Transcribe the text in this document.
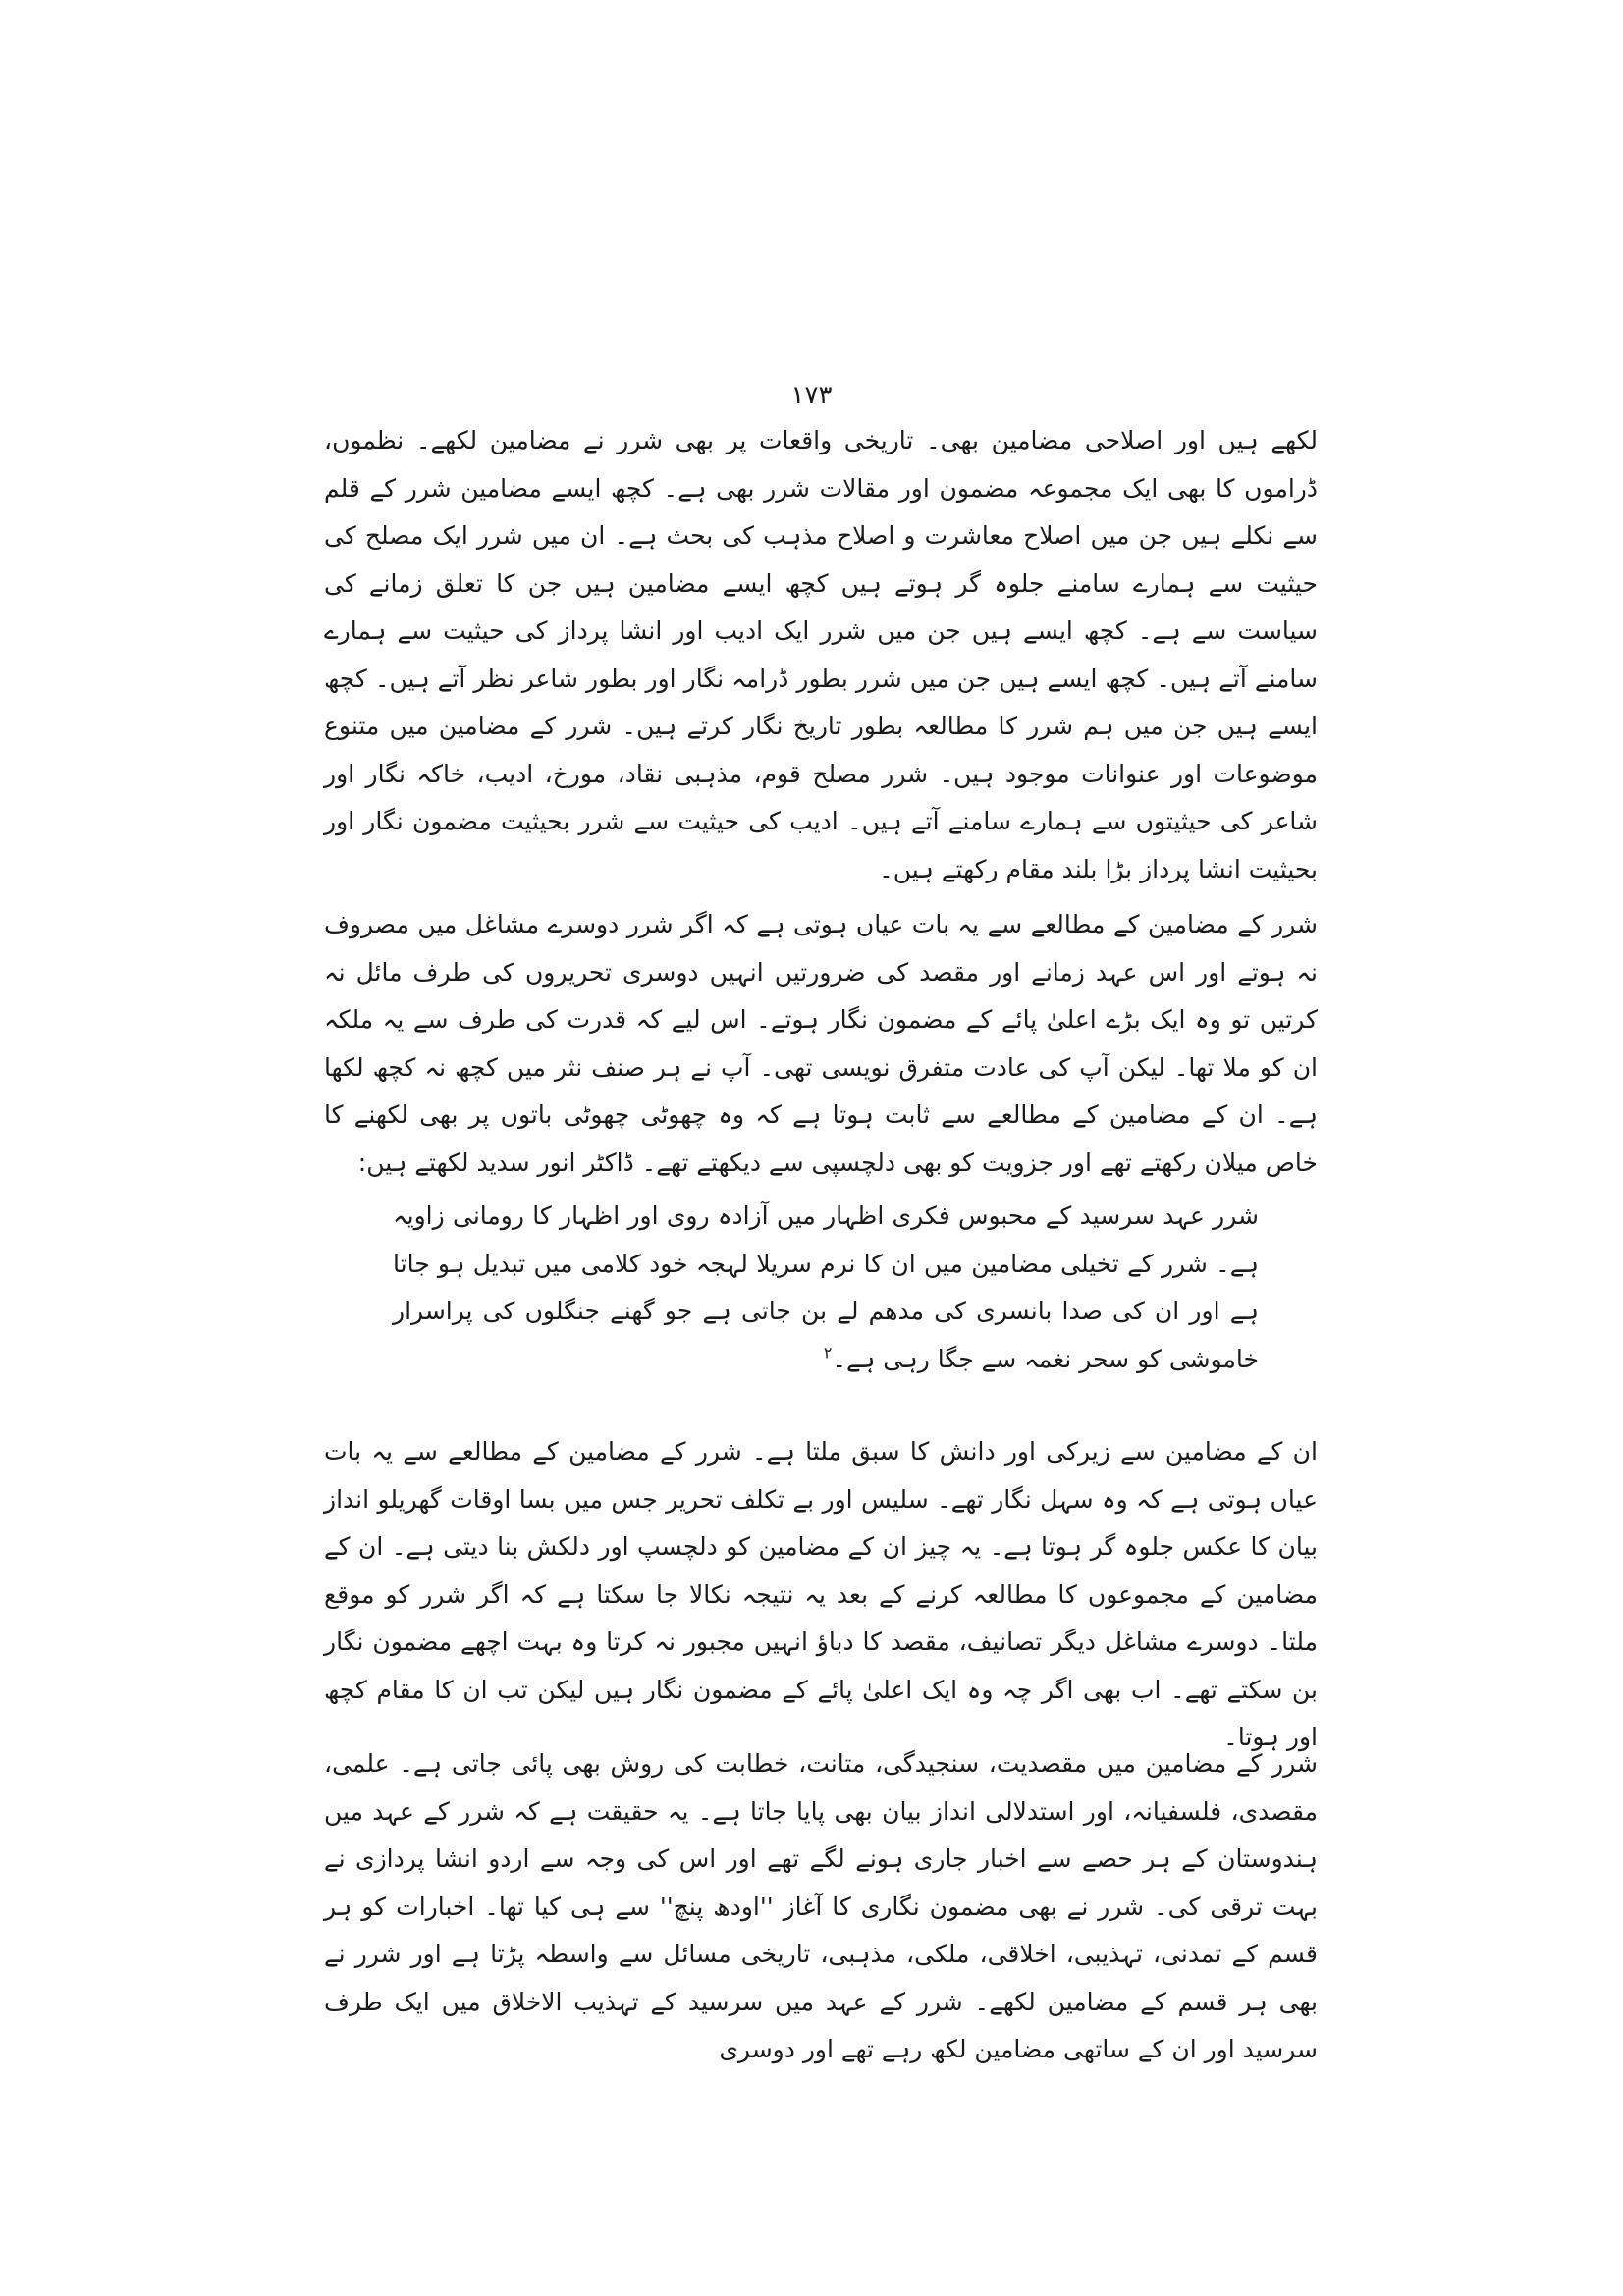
۱۷۳

لکھے ہیں اور اصلاحی مضامین بھی۔ تاریخی واقعات پر بھی شرر نے مضامین لکھے۔ نظموں، ڈراموں کا بھی ایک مجموعہ مضمون اور مقالات شرر بھی ہے۔ کچھ ایسے مضامین شرر کے قلم سے نکلے ہیں جن میں اصلاح معاشرت و اصلاح مذہب کی بحث ہے۔ ان میں شرر ایک مصلح کی حیثیت سے ہمارے سامنے جلوہ گر ہوتے ہیں کچھ ایسے مضامین ہیں جن کا تعلق زمانے کی سیاست سے ہے۔ کچھ ایسے ہیں جن میں شرر ایک ادیب اور انشا پرداز کی حیثیت سے ہمارے سامنے آتے ہیں۔ کچھ ایسے ہیں جن میں شرر بطور ڈرامہ نگار اور بطور شاعر نظر آتے ہیں۔ کچھ ایسے ہیں جن میں ہم شرر کا مطالعہ بطور تاریخ نگار کرتے ہیں۔ شرر کے مضامین میں متنوع موضوعات اور عنوانات موجود ہیں۔ شرر مصلح قوم، مذہبی نقاد، مورخ، ادیب، خاکہ نگار اور شاعر کی حیثیتوں سے ہمارے سامنے آتے ہیں۔ ادیب کی حیثیت سے شرر بحیثیت مضمون نگار اور بحیثیت انشا پرداز بڑا بلند مقام رکھتے ہیں۔

شرر کے مضامین کے مطالعے سے یہ بات عیاں ہوتی ہے کہ اگر شرر دوسرے مشاغل میں مصروف نہ ہوتے اور اس عہد زمانے اور مقصد کی ضرورتیں انہیں دوسری تحریروں کی طرف مائل نہ کرتیں تو وہ ایک بڑے اعلیٰ پائے کے مضمون نگار ہوتے۔ اس لیے کہ قدرت کی طرف سے یہ ملکہ ان کو ملا تھا۔ لیکن آپ کی عادت متفرق نویسی تھی۔ آپ نے ہر صنف نثر میں کچھ نہ کچھ لکھا ہے۔ ان کے مضامین کے مطالعے سے ثابت ہوتا ہے کہ وہ چھوٹی چھوٹی باتوں پر بھی لکھنے کا خاص میلان رکھتے تھے اور جزویت کو بھی دلچسپی سے دیکھتے تھے۔ ڈاکٹر انور سدید لکھتے ہیں:

شرر عہد سرسید کے محبوس فکری اظہار میں آزادہ روی اور اظہار کا رومانی زاویہ ہے۔ شرر کے تخیلی مضامین میں ان کا نرم سریلا لہجہ خود کلامی میں تبدیل ہو جاتا ہے اور ان کی صدا بانسری کی مدھم لے بن جاتی ہے جو گھنے جنگلوں کی پراسرار خاموشی کو سحر نغمہ سے جگا رہی ہے۔$^۲$

ان کے مضامین سے زیرکی اور دانش کا سبق ملتا ہے۔ شرر کے مضامین کے مطالعے سے یہ بات عیاں ہوتی ہے کہ وہ سہل نگار تھے۔ سلیس اور بے تکلف تحریر جس میں بسا اوقات گھریلو انداز بیان کا عکس جلوہ گر ہوتا ہے۔ یہ چیز ان کے مضامین کو دلچسپ اور دلکش بنا دیتی ہے۔ ان کے مضامین کے مجموعوں کا مطالعہ کرنے کے بعد یہ نتیجہ نکالا جا سکتا ہے کہ اگر شرر کو موقع ملتا۔ دوسرے مشاغل دیگر تصانیف، مقصد کا دباؤ انہیں مجبور نہ کرتا وہ بہت اچھے مضمون نگار بن سکتے تھے۔ اب بھی اگر چہ وہ ایک اعلیٰ پائے کے مضمون نگار ہیں لیکن تب ان کا مقام کچھ اور ہوتا۔

شرر کے مضامین میں مقصدیت، سنجیدگی، متانت، خطابت کی روش بھی پائی جاتی ہے۔ علمی، مقصدی، فلسفیانہ، اور استدلالی انداز بیان بھی پایا جاتا ہے۔ یہ حقیقت ہے کہ شرر کے عہد میں ہندوستان کے ہر حصے سے اخبار جاری ہونے لگے تھے اور اس کی وجہ سے اردو انشا پردازی نے بہت ترقی کی۔ شرر نے بھی مضمون نگاری کا آغاز ''اودھ پنچ'' سے ہی کیا تھا۔ اخبارات کو ہر قسم کے تمدنی، تہذیبی، اخلاقی، ملکی، مذہبی، تاریخی مسائل سے واسطہ پڑتا ہے اور شرر نے بھی ہر قسم کے مضامین لکھے۔ شرر کے عہد میں سرسید کے تہذیب الاخلاق میں ایک طرف سرسید اور ان کے ساتھی مضامین لکھ رہے تھے اور دوسری
